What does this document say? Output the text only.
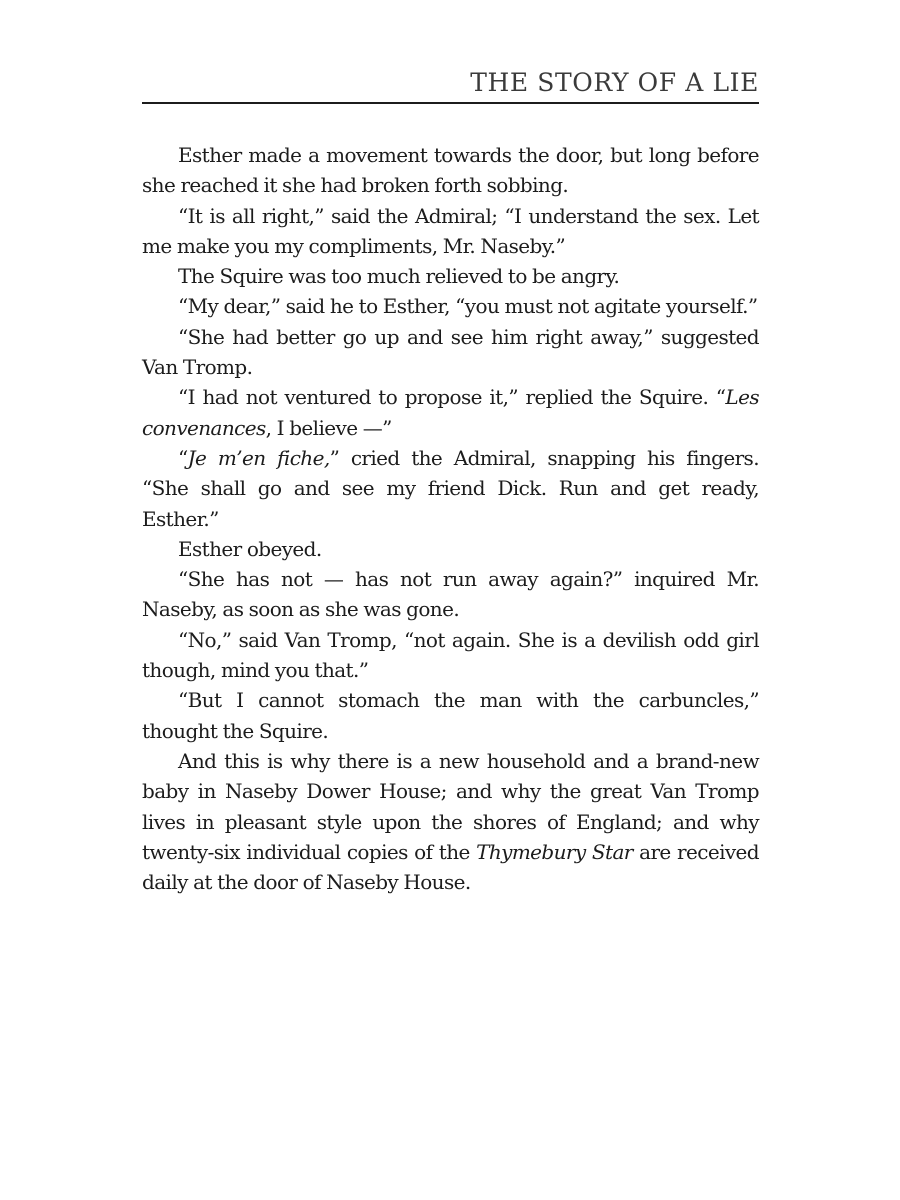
THE STORY OF A LIE

Esther made a movement towards the door, but long before she reached it she had broken forth sobbing.

“It is all right,” said the Admiral; “I understand the sex. Let me make you my compliments, Mr. Naseby.”

The Squire was too much relieved to be angry.

“My dear,” said he to Esther, “you must not agitate yourself.”

“She had better go up and see him right away,” suggested Van Tromp.

“I had not ventured to propose it,” replied the Squire. “Les convenances, I believe —”

“Je m’en fiche,” cried the Admiral, snapping his fingers. “She shall go and see my friend Dick. Run and get ready, Esther.”

Esther obeyed.

“She has not — has not run away again?” inquired Mr. Naseby, as soon as she was gone.

“No,” said Van Tromp, “not again. She is a devilish odd girl though, mind you that.”

“But I cannot stomach the man with the carbuncles,” thought the Squire.

And this is why there is a new household and a brand-new baby in Naseby Dower House; and why the great Van Tromp lives in pleasant style upon the shores of England; and why twenty-six individual copies of the Thymebury Star are received daily at the door of Naseby House.
